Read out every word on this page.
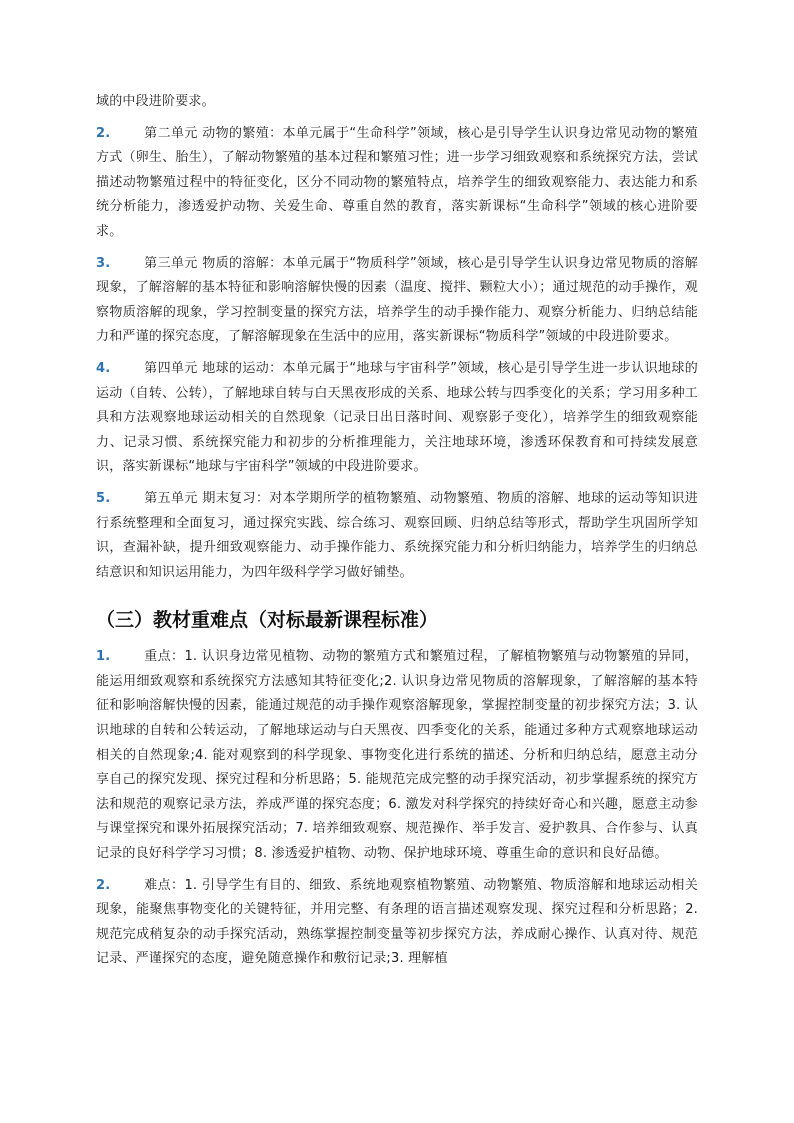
域的中段进阶要求。

2.	第二单元 动物的繁殖：本单元属于“生命科学”领域，核心是引导学生认识身边常见动物的繁殖方式（卵生、胎生），了解动物繁殖的基本过程和繁殖习性；进一步学习细致观察和系统探究方法，尝试描述动物繁殖过程中的特征变化，区分不同动物的繁殖特点，培养学生的细致观察能力、表达能力和系统分析能力，渗透爱护动物、关爱生命、尊重自然的教育，落实新课标“生命科学”领域的核心进阶要求。

3.	第三单元 物质的溶解：本单元属于“物质科学”领域，核心是引导学生认识身边常见物质的溶解现象，了解溶解的基本特征和影响溶解快慢的因素（温度、搅拌、颗粒大小）；通过规范的动手操作，观察物质溶解的现象，学习控制变量的探究方法，培养学生的动手操作能力、观察分析能力、归纳总结能力和严谨的探究态度，了解溶解现象在生活中的应用，落实新课标“物质科学”领域的中段进阶要求。

4.	第四单元 地球的运动：本单元属于“地球与宇宙科学”领域，核心是引导学生进一步认识地球的运动（自转、公转），了解地球自转与白天黑夜形成的关系、地球公转与四季变化的关系；学习用多种工具和方法观察地球运动相关的自然现象（记录日出日落时间、观察影子变化），培养学生的细致观察能力、记录习惯、系统探究能力和初步的分析推理能力，关注地球环境，渗透环保教育和可持续发展意识，落实新课标“地球与宇宙科学”领域的中段进阶要求。

5.	第五单元 期末复习：对本学期所学的植物繁殖、动物繁殖、物质的溶解、地球的运动等知识进行系统整理和全面复习，通过探究实践、综合练习、观察回顾、归纳总结等形式，帮助学生巩固所学知识，查漏补缺，提升细致观察能力、动手操作能力、系统探究能力和分析归纳能力，培养学生的归纳总结意识和知识运用能力，为四年级科学学习做好铺垫。

（三）教材重难点（对标最新课程标准）

1.	重点：1. 认识身边常见植物、动物的繁殖方式和繁殖过程，了解植物繁殖与动物繁殖的异同，能运用细致观察和系统探究方法感知其特征变化;2. 认识身边常见物质的溶解现象，了解溶解的基本特征和影响溶解快慢的因素，能通过规范的动手操作观察溶解现象，掌握控制变量的初步探究方法；3. 认识地球的自转和公转运动，了解地球运动与白天黑夜、四季变化的关系，能通过多种方式观察地球运动相关的自然现象;4. 能对观察到的科学现象、事物变化进行系统的描述、分析和归纳总结，愿意主动分享自己的探究发现、探究过程和分析思路；5. 能规范完成完整的动手探究活动，初步掌握系统的探究方法和规范的观察记录方法，养成严谨的探究态度；6. 激发对科学探究的持续好奇心和兴趣，愿意主动参与课堂探究和课外拓展探究活动；7. 培养细致观察、规范操作、举手发言、爱护教具、合作参与、认真记录的良好科学学习习惯；8. 渗透爱护植物、动物、保护地球环境、尊重生命的意识和良好品德。

2.	难点：1. 引导学生有目的、细致、系统地观察植物繁殖、动物繁殖、物质溶解和地球运动相关现象，能聚焦事物变化的关键特征，并用完整、有条理的语言描述观察发现、探究过程和分析思路；2. 规范完成稍复杂的动手探究活动，熟练掌握控制变量等初步探究方法，养成耐心操作、认真对待、规范记录、严谨探究的态度，避免随意操作和敷衍记录;3. 理解植
